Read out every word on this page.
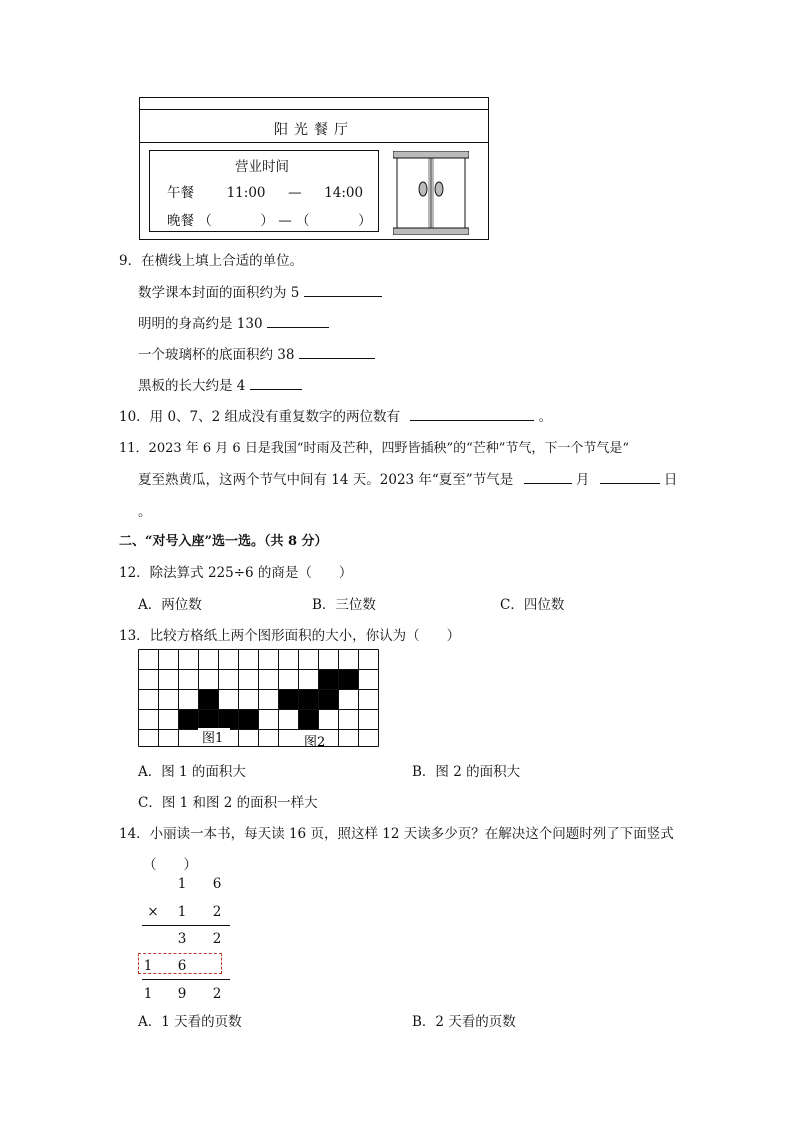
阳光餐厅
营业时间
午餐 11:00 — 14:00
晚餐 （	） — （	）
9．在横线上填上合适的单位。
数学课本封面的面积约为 5
明明的身高约是 130
一个玻璃杯的底面积约 38
黑板的长大约是 4
10．用 0、7、2 组成没有重复数字的两位数有	。
11．2023 年 6 月 6 日是我国“时雨及芒种，四野皆插秧”的“芒种”节气，下一个节气是“
夏至熟黄瓜，这两个节气中间有 14 天。2023 年“夏至”节气是	月	日
。
二、“对号入座”选一选。（共 8 分）
12．除法算式 225÷6 的商是（　　）
A．两位数	B．三位数	C．四位数
13．比较方格纸上两个图形面积的大小，你认为（　　）
图1	图2
A．图 1 的面积大	B．图 2 的面积大
C．图 1 和图 2 的面积一样大
14．小丽读一本书，每天读 16 页，照这样 12 天读多少页？在解决这个问题时列了下面竖式
（　　）
1 6
× 1 2
3 2
1 6
1 9 2
A．1 天看的页数	B．2 天看的页数
